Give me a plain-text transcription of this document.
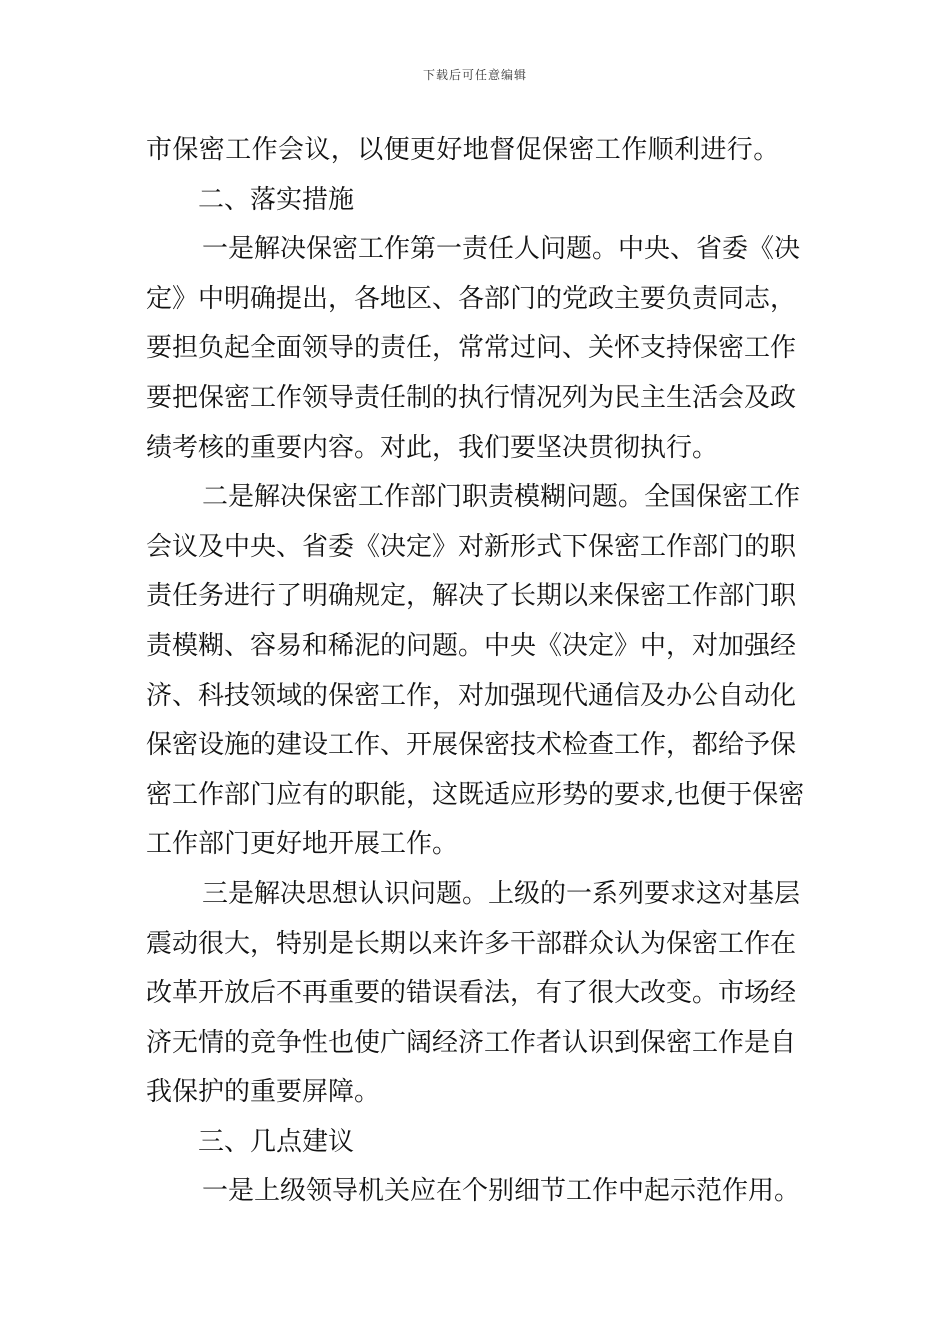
下载后可任意编辑
市保密工作会议，以便更好地督促保密工作顺利进行。
二、落实措施
一是解决保密工作第一责任人问题。中央、省委《决
定》中明确提出，各地区、各部门的党政主要负责同志，
要担负起全面领导的责任，常常过问、关怀支持保密工作
要把保密工作领导责任制的执行情况列为民主生活会及政
绩考核的重要内容。对此，我们要坚决贯彻执行。
二是解决保密工作部门职责模糊问题。全国保密工作
会议及中央、省委《决定》对新形式下保密工作部门的职
责任务进行了明确规定，解决了长期以来保密工作部门职
责模糊、容易和稀泥的问题。中央《决定》中，对加强经
济、科技领域的保密工作，对加强现代通信及办公自动化
保密设施的建设工作、开展保密技术检查工作，都给予保
密工作部门应有的职能，这既适应形势的要求,也便于保密
工作部门更好地开展工作。
三是解决思想认识问题。上级的一系列要求这对基层
震动很大，特别是长期以来许多干部群众认为保密工作在
改革开放后不再重要的错误看法，有了很大改变。市场经
济无情的竞争性也使广阔经济工作者认识到保密工作是自
我保护的重要屏障。
三、几点建议
一是上级领导机关应在个别细节工作中起示范作用。
